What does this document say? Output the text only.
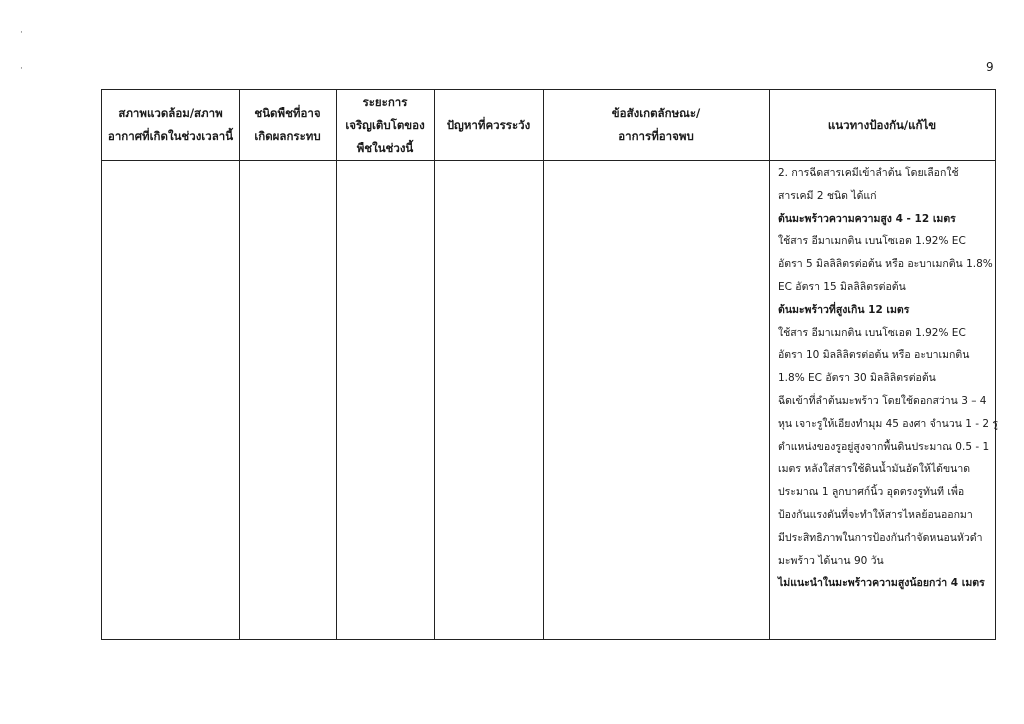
9
สภาพแวดล้อม/สภาพ
อากาศที่เกิดในช่วงเวลานี้
ชนิดพืชที่อาจ
เกิดผลกระทบ
ระยะการ
เจริญเติบโตของ
พืชในช่วงนี้
ปัญหาที่ควรระวัง
ข้อสังเกตลักษณะ/
อาการที่อาจพบ
แนวทางป้องกัน/แก้ไข
2. การฉีดสารเคมีเข้าลำต้น โดยเลือกใช้
สารเคมี 2 ชนิด ได้แก่
ต้นมะพร้าวความความสูง 4 - 12 เมตร
ใช้สาร อีมาเมกติน เบนโซเอต 1.92% EC
อัตรา 5 มิลลิลิตรต่อต้น หรือ อะบาเมกติน 1.8%
EC อัตรา 15 มิลลิลิตรต่อต้น
ต้นมะพร้าวที่สูงเกิน 12 เมตร
ใช้สาร อีมาเมกติน เบนโซเอต 1.92% EC
อัตรา 10 มิลลิลิตรต่อต้น หรือ อะบาเมกติน
1.8% EC อัตรา 30 มิลลิลิตรต่อต้น
ฉีดเข้าที่ลำต้นมะพร้าว โดยใช้ดอกสว่าน 3 – 4
หุน เจาะรูให้เอียงทำมุม 45 องศา จำนวน 1 - 2 รู
ตำแหน่งของรูอยู่สูงจากพื้นดินประมาณ 0.5 - 1
เมตร หลังใส่สารใช้ดินน้ำมันอัดให้ได้ขนาด
ประมาณ 1 ลูกบาศก์นิ้ว อุดตรงรูทันที เพื่อ
ป้องกันแรงดันที่จะทำให้สารไหลย้อนออกมา
มีประสิทธิภาพในการป้องกันกำจัดหนอนหัวดำ
มะพร้าว ได้นาน 90 วัน
ไม่แนะนำในมะพร้าวความสูงน้อยกว่า 4 เมตร
·
·
